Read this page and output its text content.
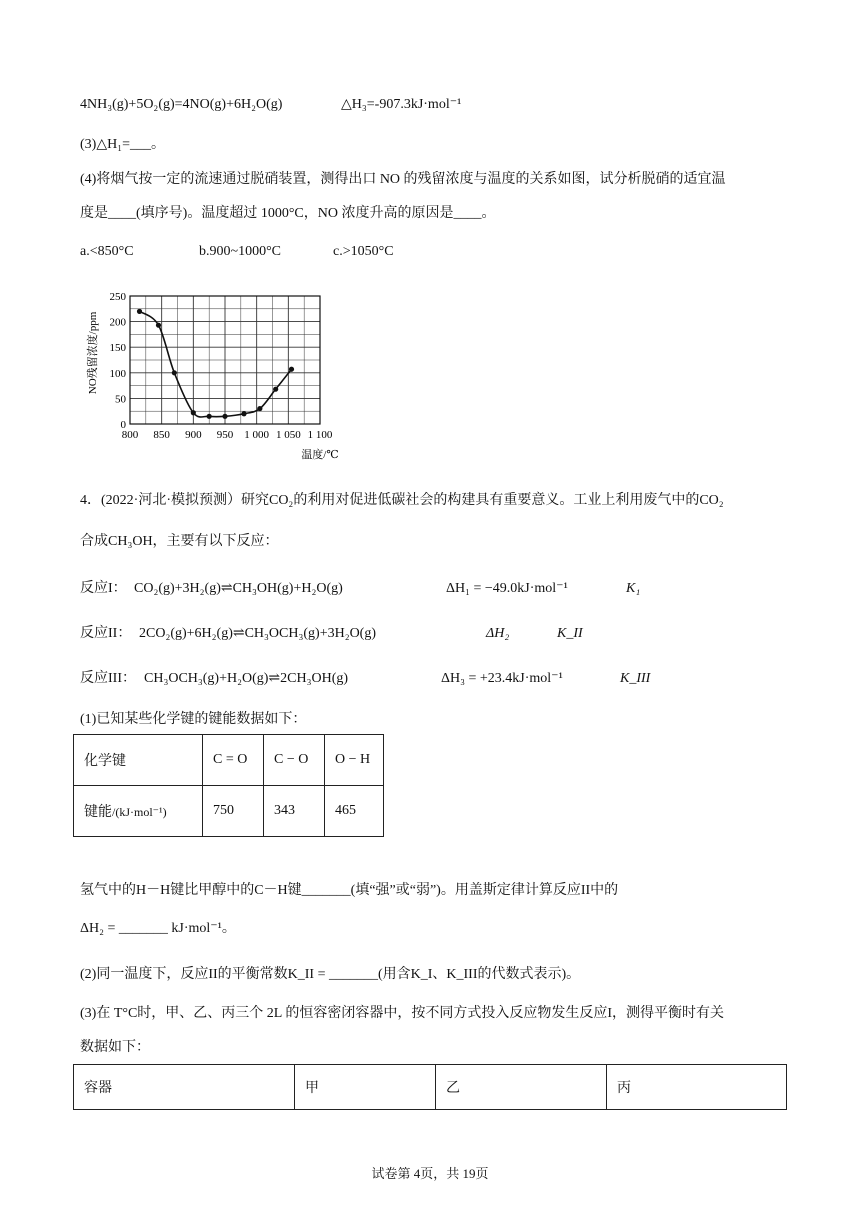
4NH₃(g)+5O₂(g)=4NO(g)+6H₂O(g)	△H₃=-907.3kJ·mol⁻¹
(3)△H₁=___。
(4)将烟气按一定的流速通过脱硝装置，测得出口 NO 的残留浓度与温度的关系如图，试分析脱硝的适宜温
度是____(填序号)。温度超过 1000°C，NO 浓度升高的原因是____。
a.<850°C	b.900~1000°C	c.>1050°C
800 850 900 950 1 000 1 050 1 100
0
50
100
150
200
250
NO残留浓度/ppm
温度/℃
4．(2022·河北·模拟预测）研究CO₂的利用对促进低碳社会的构建具有重要意义。工业上利用废气中的CO₂
合成CH₃OH，主要有以下反应：
反应I： CO₂(g)+3H₂(g)⇌CH₃OH(g)+H₂O(g)	ΔH₁ = −49.0kJ·mol⁻¹	K₁
反应II： 2CO₂(g)+6H₂(g)⇌CH₃OCH₃(g)+3H₂O(g)	ΔH₂	K_II
反应III： CH₃OCH₃(g)+H₂O(g)⇌2CH₃OH(g)	ΔH₃ = +23.4kJ·mol⁻¹	K_III
(1)已知某些化学键的键能数据如下：
化学键	C = O	C − O	O − H
键能/(kJ·mol⁻¹)	750	343	465
氢气中的H－H键比甲醇中的C－H键_______(填“强”或“弱”)。用盖斯定律计算反应II中的
ΔH₂ = _______ kJ·mol⁻¹。
(2)同一温度下，反应II的平衡常数K_II = _______(用含K_I、K_III的代数式表示)。
(3)在 T°C时，甲、乙、丙三个 2L 的恒容密闭容器中，按不同方式投入反应物发生反应I，测得平衡时有关
数据如下：
容器	甲	乙	丙
试卷第 4页，共 19页
